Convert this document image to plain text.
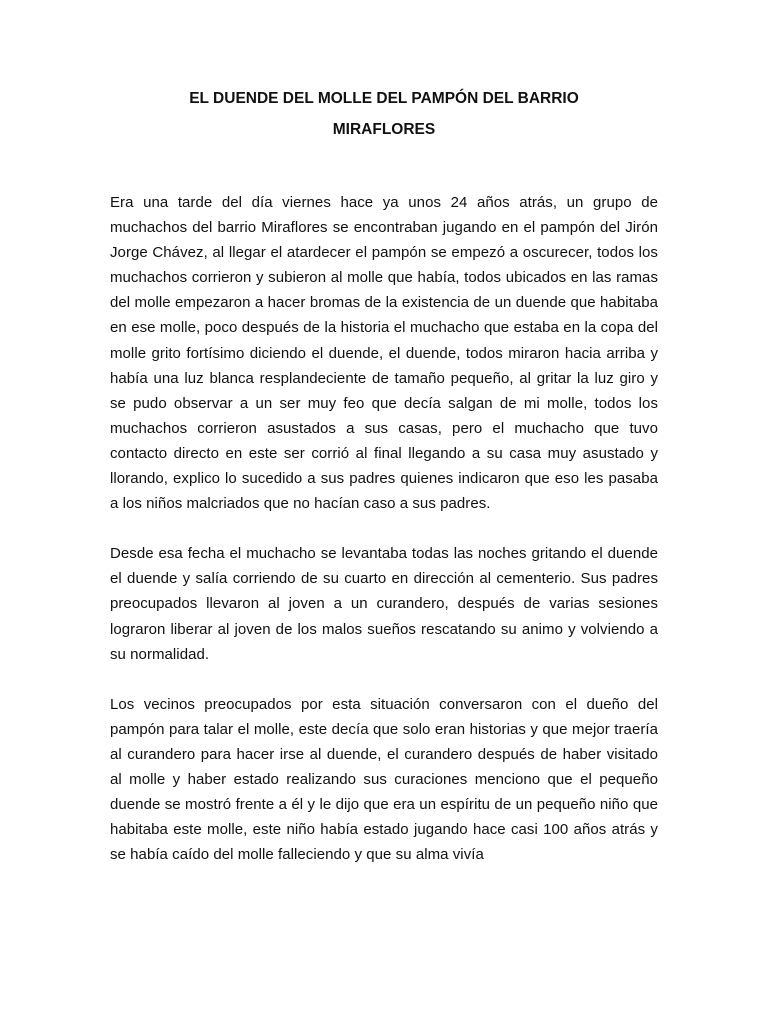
EL DUENDE DEL MOLLE DEL PAMPÓN DEL BARRIO
MIRAFLORES

Era una tarde del día viernes hace ya unos 24 años atrás, un grupo de muchachos del barrio Miraflores se encontraban jugando en el pampón del Jirón Jorge Chávez, al llegar el atardecer el pampón se empezó a oscurecer, todos los muchachos corrieron y subieron al molle que había, todos ubicados en las ramas del molle empezaron a hacer bromas de la existencia de un duende que habitaba en ese molle, poco después de la historia el muchacho que estaba en la copa del molle grito fortísimo diciendo el duende, el duende, todos miraron hacia arriba y había una luz blanca resplandeciente de tamaño pequeño, al gritar la luz giro y se pudo observar a un ser muy feo que decía salgan de mi molle, todos los muchachos corrieron asustados a sus casas, pero el muchacho que tuvo contacto directo en este ser corrió al final llegando a su casa muy asustado y llorando, explico lo sucedido a sus padres quienes indicaron que eso les pasaba a los niños malcriados que no hacían caso a sus padres.

Desde esa fecha el muchacho se levantaba todas las noches gritando el duende el duende y salía corriendo de su cuarto en dirección al cementerio. Sus padres preocupados llevaron al joven a un curandero, después de varias sesiones lograron liberar al joven de los malos sueños rescatando su animo y volviendo a su normalidad.

Los vecinos preocupados por esta situación conversaron con el dueño del pampón para talar el molle, este decía que solo eran historias y que mejor traería al curandero para hacer irse al duende, el curandero después de haber visitado al molle y haber estado realizando sus curaciones menciono que el pequeño duende se mostró frente a él y le dijo que era un espíritu de un pequeño niño que habitaba este molle, este niño había estado jugando hace casi 100 años atrás y se había caído del molle falleciendo y que su alma vivía
